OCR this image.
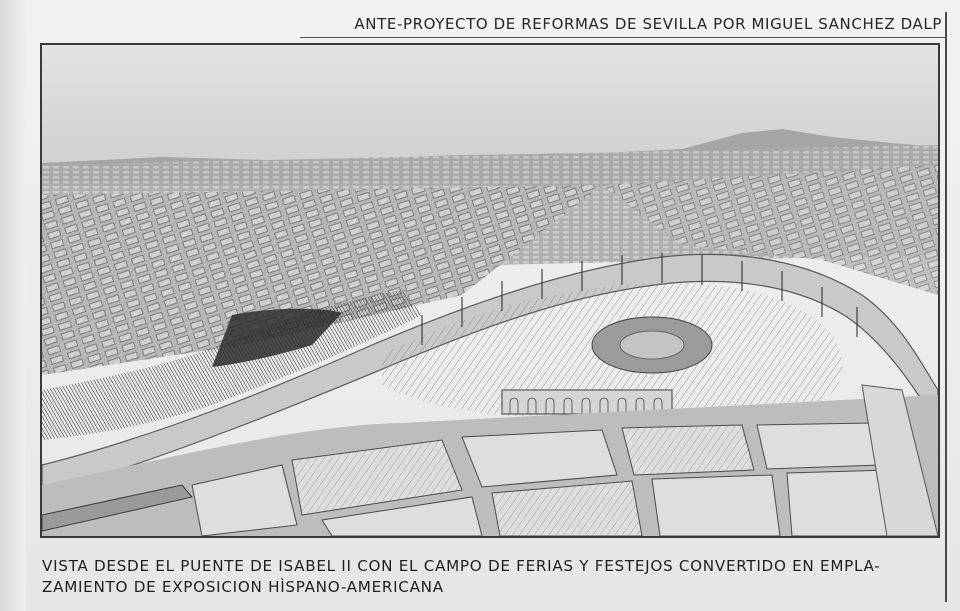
ANTE-PROYECTO DE REFORMAS DE SEVILLA POR MIGUEL SANCHEZ DALP
VISTA DESDE EL PUENTE DE ISABEL II CON EL CAMPO DE FERIAS Y FESTEJOS CONVERTIDO EN EMPLA-
ZAMIENTO DE EXPOSICION HÌSPANO-AMERICANA
